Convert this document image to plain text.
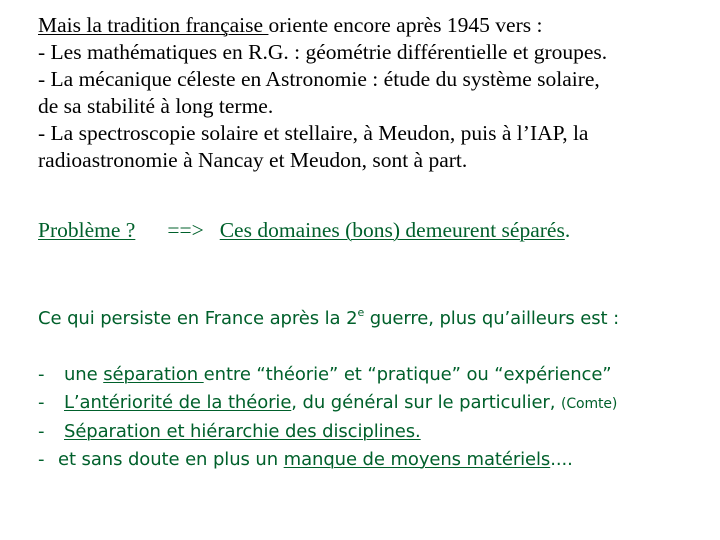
Mais la tradition française oriente encore après 1945 vers :

- Les mathématiques en R.G. : géométrie différentielle et groupes.

- La mécanique céleste en Astronomie : étude du système solaire,

de sa stabilité à long terme.

- La spectroscopie solaire et stellaire, à Meudon, puis à l’IAP, la

radioastronomie à Nancay et Meudon, sont à part.

Problème ? ==> Ces domaines (bons) demeurent séparés.
Ce qui persiste en France après la 2e guerre, plus qu’ailleurs est :
- une séparation entre “théorie” et “pratique” ou “expérience”
- L’antériorité de la théorie, du général sur le particulier, (Comte)
- Séparation et hiérarchie des disciplines.
- et sans doute en plus un manque de moyens matériels....
